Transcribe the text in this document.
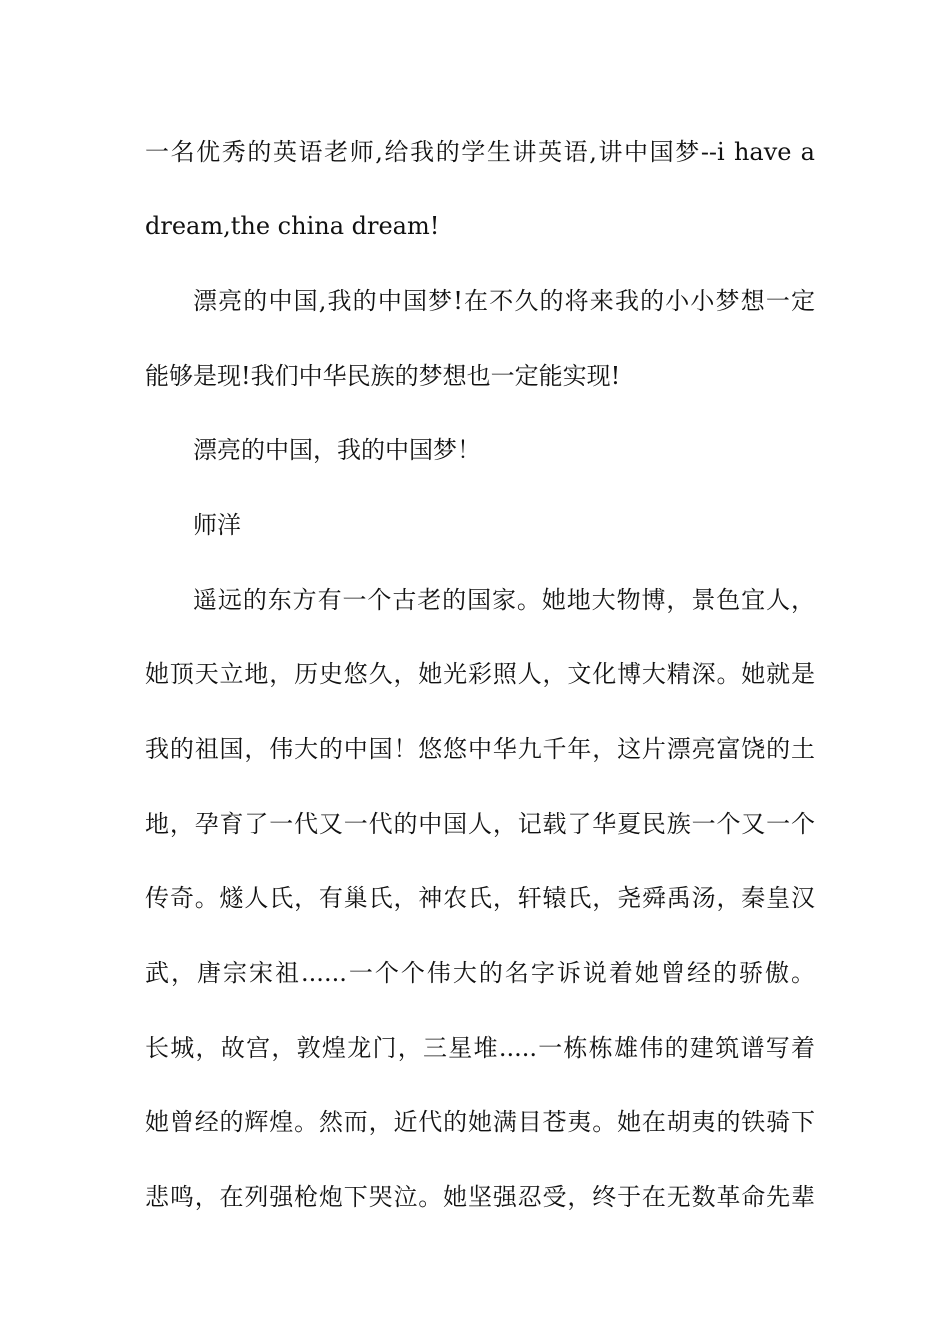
一名优秀的英语老师,给我的学生讲英语,讲中国梦--i have a
dream,the china dream!
漂亮的中国,我的中国梦!在不久的将来我的小小梦想一定
能够是现!我们中华民族的梦想也一定能实现!
漂亮的中国，我的中国梦！
师洋
遥远的东方有一个古老的国家。她地大物博，景色宜人，
她顶天立地，历史悠久，她光彩照人，文化博大精深。她就是
我的祖国，伟大的中国！悠悠中华九千年，这片漂亮富饶的土
地，孕育了一代又一代的中国人，记载了华夏民族一个又一个
传奇。燧人氏，有巢氏，神农氏，轩辕氏，尧舜禹汤，秦皇汉
武，唐宗宋祖......一个个伟大的名字诉说着她曾经的骄傲。
长城，故宫，敦煌龙门，三星堆.....一栋栋雄伟的建筑谱写着
她曾经的辉煌。然而，近代的她满目苍夷。她在胡夷的铁骑下
悲鸣，在列强枪炮下哭泣。她坚强忍受，终于在无数革命先辈
